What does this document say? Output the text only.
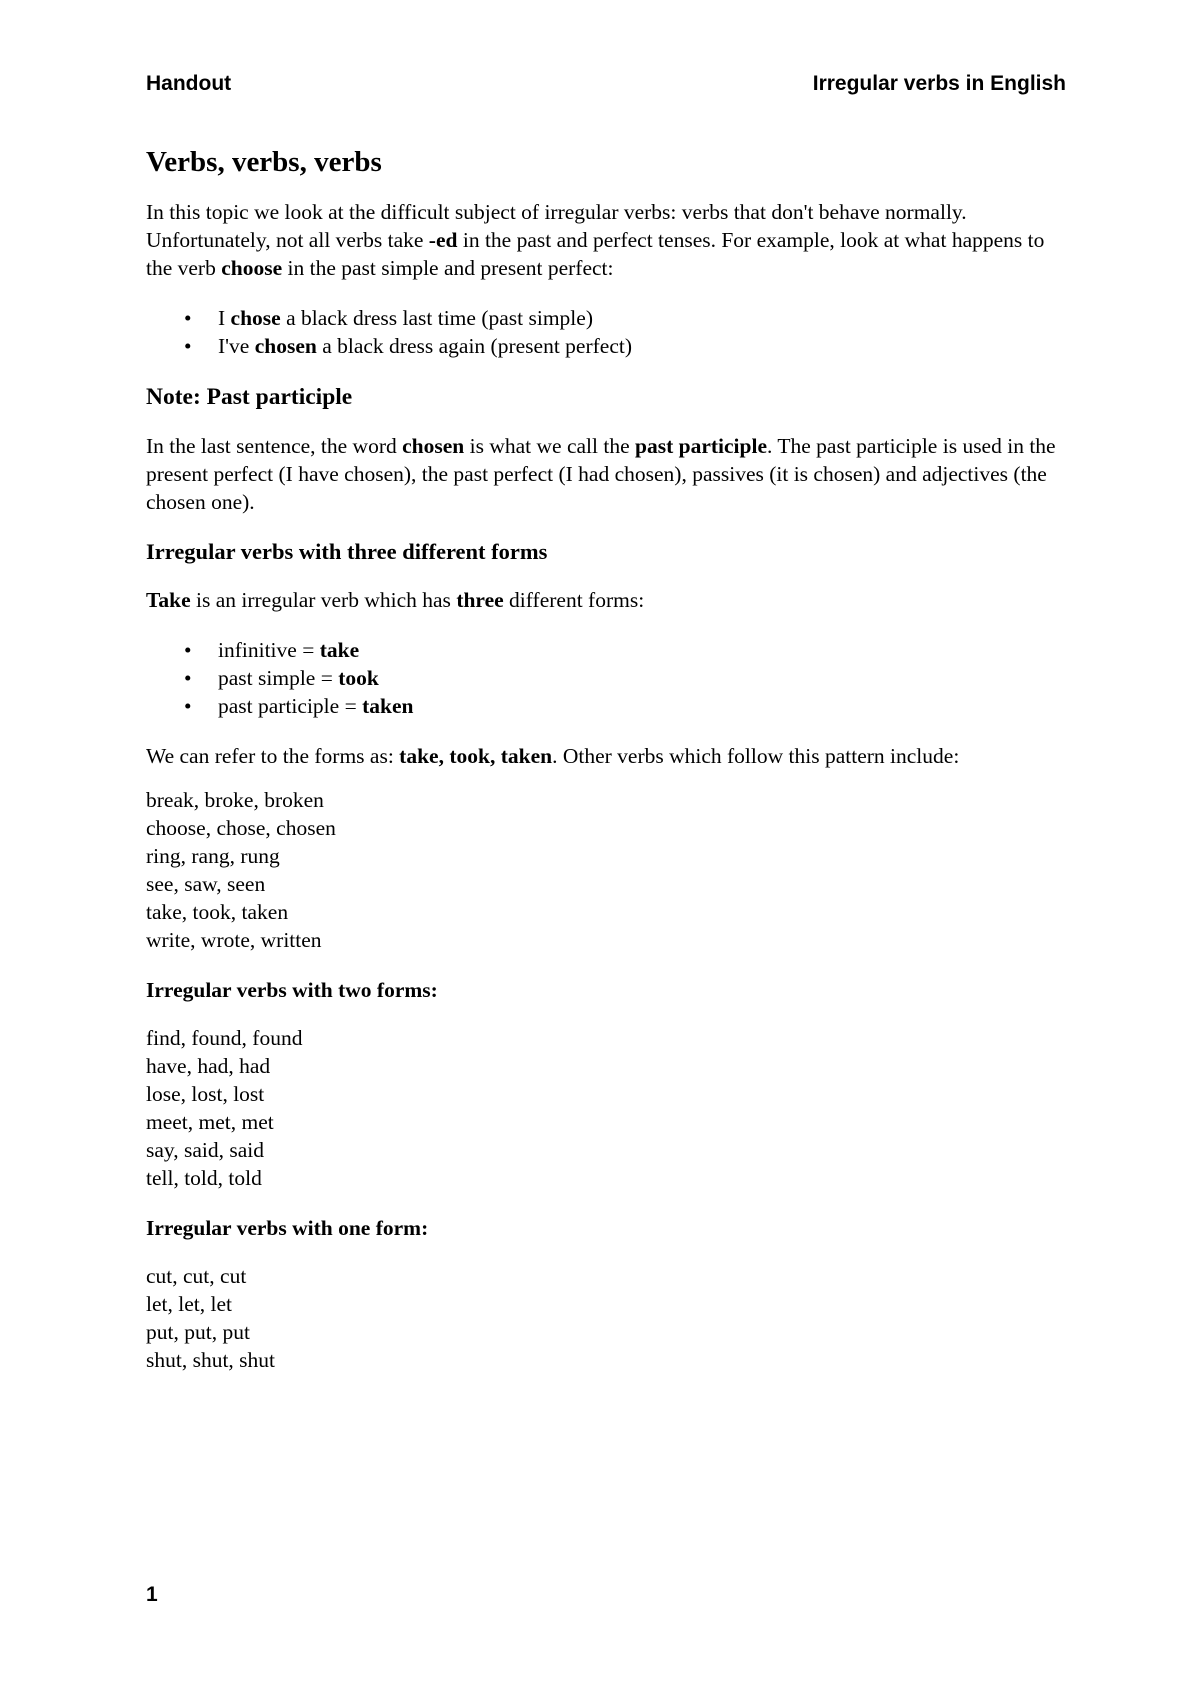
Handout	Irregular verbs in English
Verbs, verbs, verbs

In this topic we look at the difficult subject of irregular verbs: verbs that don't behave normally. Unfortunately, not all verbs take -ed in the past and perfect tenses. For example, look at what happens to the verb choose in the past simple and present perfect:

• I chose a black dress last time (past simple)
• I've chosen a black dress again (present perfect)
Note: Past participle

In the last sentence, the word chosen is what we call the past participle. The past participle is used in the present perfect (I have chosen), the past perfect (I had chosen), passives (it is chosen) and adjectives (the chosen one).

Irregular verbs with three different forms

Take is an irregular verb which has three different forms:

• infinitive = take
• past simple = took
• past participle = taken

We can refer to the forms as: take, took, taken. Other verbs which follow this pattern include:

break, broke, broken
choose, chose, chosen
ring, rang, rung
see, saw, seen
take, took, taken
write, wrote, written
Irregular verbs with two forms:
find, found, found
have, had, had
lose, lost, lost
meet, met, met
say, said, said
tell, told, told
Irregular verbs with one form:
cut, cut, cut
let, let, let
put, put, put
shut, shut, shut
1
